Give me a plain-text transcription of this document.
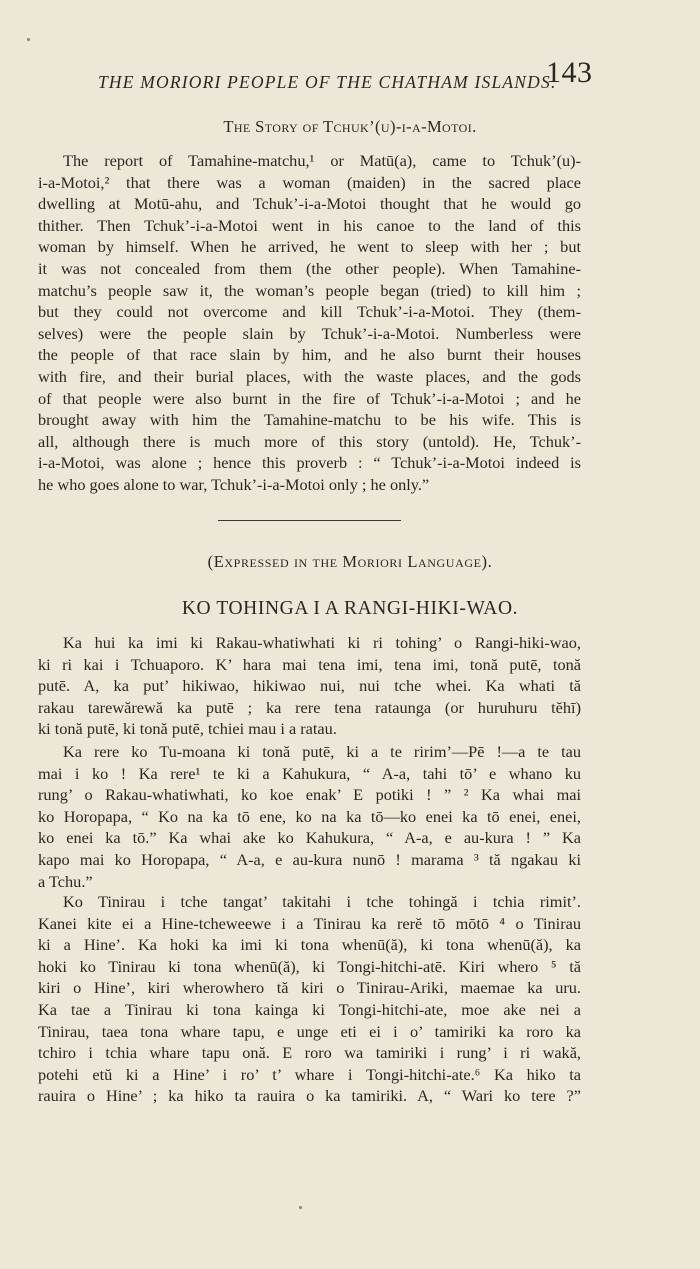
THE MORIORI PEOPLE OF THE CHATHAM ISLANDS.
143
The Story of Tchuk’(u)-i-a-Motoi.
The report of Tamahine-matchu,¹ or Matū(a), came to Tchuk’(u)-
i-a-Motoi,² that there was a woman (maiden) in the sacred place
dwelling at Motū-ahu, and Tchuk’-i-a-Motoi thought that he would go
thither. Then Tchuk’-i-a-Motoi went in his canoe to the land of this
woman by himself. When he arrived, he went to sleep with her ; but
it was not concealed from them (the other people). When Tamahine-
matchu’s people saw it, the woman’s people began (tried) to kill him ;
but they could not overcome and kill Tchuk’-i-a-Motoi. They (them-
selves) were the people slain by Tchuk’-i-a-Motoi. Numberless were
the people of that race slain by him, and he also burnt their houses
with fire, and their burial places, with the waste places, and the gods
of that people were also burnt in the fire of Tchuk’-i-a-Motoi ; and he
brought away with him the Tamahine-matchu to be his wife. This is
all, although there is much more of this story (untold). He, Tchuk’-
i-a-Motoi, was alone ; hence this proverb : “ Tchuk’-i-a-Motoi indeed is
he who goes alone to war, Tchuk’-i-a-Motoi only ; he only.”
(Expressed in the Moriori Language).
KO TOHINGA I A RANGI-HIKI-WAO.
Ka hui ka imi ki Rakau-whatiwhati ki ri tohing’ o Rangi-hiki-wao,
ki ri kai i Tchuaporo. K’ hara mai tena imi, tena imi, tonă putē, tonă
putē. A, ka put’ hikiwao, hikiwao nui, nui tche whei. Ka whati tă
rakau tarewărewă ka putē ; ka rere tena rataunga (or huruhuru tĕhī)
ki tonă putē, ki tonă putē, tchiei mau i a ratau.
Ka rere ko Tu-moana ki tonă putē, ki a te ririm’—Pē !—a te tau
mai i ko ! Ka rere¹ te ki a Kahukura, “ A-a, tahi tō’ e whano ku
rung’ o Rakau-whatiwhati, ko koe enak’ E potiki ! ” ² Ka whai mai
ko Horopapa, “ Ko na ka tō ene, ko na ka tō—ko enei ka tō enei, enei,
ko enei ka tō.” Ka whai ake ko Kahukura, “ A-a, e au-kura ! ” Ka
kapo mai ko Horopapa, “ A-a, e au-kura nunō ! marama ³ tă ngakau ki
a Tchu.”
Ko Tinirau i tche tangat’ takitahi i tche tohingă i tchia rimit’.
Kanei kite ei a Hine-tcheweewe i a Tinirau ka rerĕ tō mōtō ⁴ o Tinirau
ki a Hine’. Ka hoki ka imi ki tona whenū(ă), ki tona whenū(ă), ka
hoki ko Tinirau ki tona whenū(ă), ki Tongi-hitchi-atē. Kiri whero ⁵ tă
kiri o Hine’, kiri wherowhero tă kiri o Tinirau-Ariki, maemae ka uru.
Ka tae a Tinirau ki tona kainga ki Tongi-hitchi-ate, moe ake nei a
Tinirau, taea tona whare tapu, e unge eti ei i o’ tamiriki ka roro ka
tchiro i tchia whare tapu onă. E roro wa tamiriki i rung’ i ri wakă,
potehi etŭ ki a Hine’ i ro’ t’ whare i Tongi-hitchi-ate.⁶ Ka hiko ta
rauira o Hine’ ; ka hiko ta rauira o ka tamiriki. A, “ Wari ko tere ?”
